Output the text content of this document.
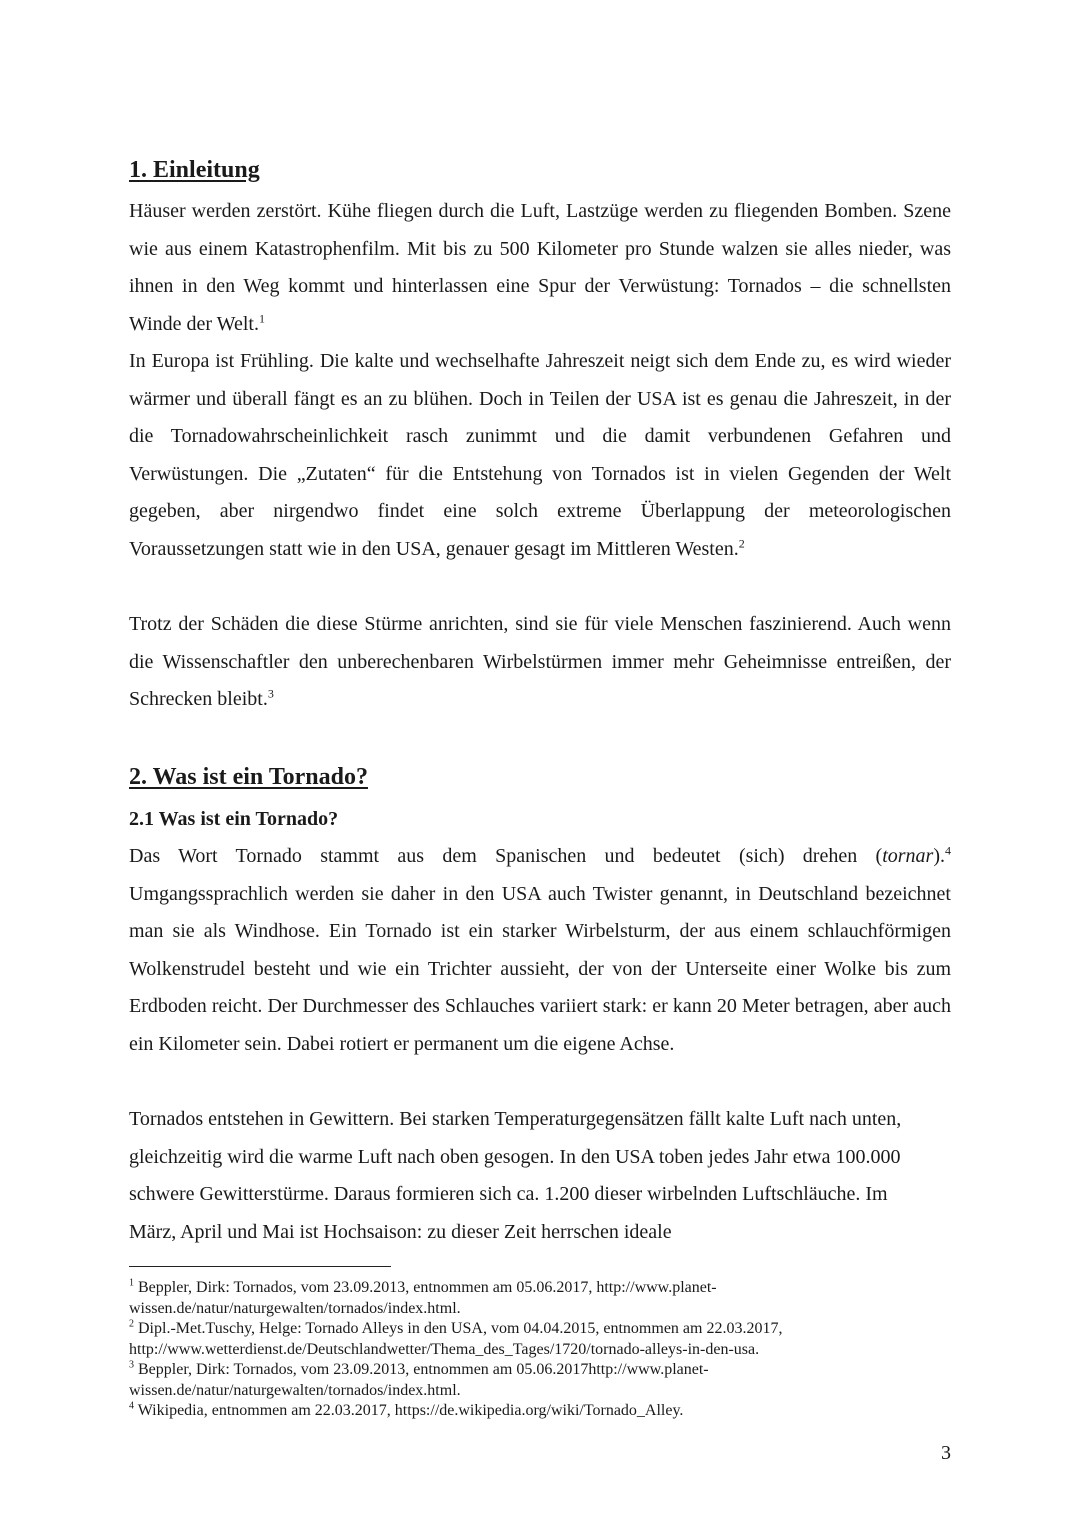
1. Einleitung

Häuser werden zerstört. Kühe fliegen durch die Luft, Lastzüge werden zu fliegenden Bomben. Szene wie aus einem Katastrophenfilm. Mit bis zu 500 Kilometer pro Stunde walzen sie alles nieder, was ihnen in den Weg kommt und hinterlassen eine Spur der Verwüstung: Tornados – die schnellsten Winde der Welt.$^1$

In Europa ist Frühling. Die kalte und wechselhafte Jahreszeit neigt sich dem Ende zu, es wird wieder wärmer und überall fängt es an zu blühen. Doch in Teilen der USA ist es genau die Jahreszeit, in der die Tornadowahrscheinlichkeit rasch zunimmt und die damit verbundenen Gefahren und Verwüstungen. Die „Zutaten“ für die Entstehung von Tornados ist in vielen Gegenden der Welt gegeben, aber nirgendwo findet eine solch extreme Überlappung der meteorologischen Voraussetzungen statt wie in den USA, genauer gesagt im Mittleren Westen.$^2$

Trotz der Schäden die diese Stürme anrichten, sind sie für viele Menschen faszinierend. Auch wenn die Wissenschaftler den unberechenbaren Wirbelstürmen immer mehr Geheimnisse entreißen, der Schrecken bleibt.$^3$

2. Was ist ein Tornado?
2.1 Was ist ein Tornado?

Das Wort Tornado stammt aus dem Spanischen und bedeutet (sich) drehen (tornar).$^4$ Umgangssprachlich werden sie daher in den USA auch Twister genannt, in Deutschland bezeichnet man sie als Windhose. Ein Tornado ist ein starker Wirbelsturm, der aus einem schlauchförmigen Wolkenstrudel besteht und wie ein Trichter aussieht, der von der Unterseite einer Wolke bis zum Erdboden reicht. Der Durchmesser des Schlauches variiert stark: er kann 20 Meter betragen, aber auch ein Kilometer sein. Dabei rotiert er permanent um die eigene Achse.

Tornados entstehen in Gewittern. Bei starken Temperaturgegensätzen fällt kalte Luft nach unten, gleichzeitig wird die warme Luft nach oben gesogen. In den USA toben jedes Jahr etwa 100.000 schwere Gewitterstürme. Daraus formieren sich ca. 1.200 dieser wirbelnden Luftschläuche. Im März, April und Mai ist Hochsaison: zu dieser Zeit herrschen ideale

$^1$ Beppler, Dirk: Tornados, vom 23.09.2013, entnommen am 05.06.2017, http://www.planet-wissen.de/natur/naturgewalten/tornados/index.html.

$^2$ Dipl.-Met.Tuschy, Helge: Tornado Alleys in den USA, vom 04.04.2015, entnommen am 22.03.2017, http://www.wetterdienst.de/Deutschlandwetter/Thema_des_Tages/1720/tornado-alleys-in-den-usa.

$^3$ Beppler, Dirk: Tornados, vom 23.09.2013, entnommen am 05.06.2017http://www.planet-wissen.de/natur/naturgewalten/tornados/index.html.

$^4$ Wikipedia, entnommen am 22.03.2017, https://de.wikipedia.org/wiki/Tornado_Alley.

3
